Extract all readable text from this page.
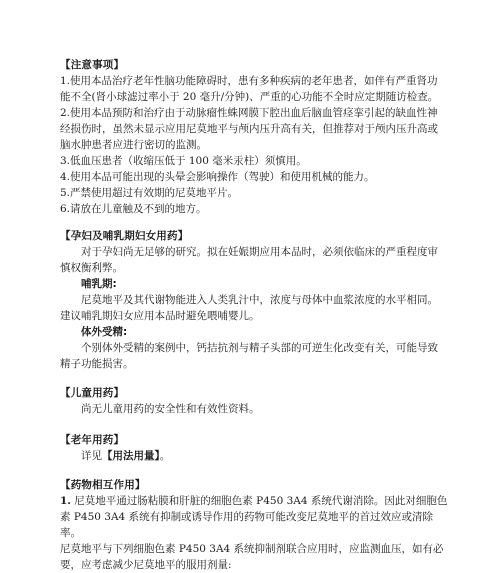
【注意事项】

1.使用本品治疗老年性脑功能障碍时，患有多种疾病的老年患者，如伴有严重肾功能不全(肾小球滤过率小于 20 毫升/分钟)、严重的心功能不全时应定期随访检查。

2.使用本品预防和治疗由于动脉瘤性蛛网膜下腔出血后脑血管痉挛引起的缺血性神经损伤时，虽然未显示应用尼莫地平与颅内压升高有关，但推荐对于颅内压升高或脑水肿患者应进行密切的监测。

3.低血压患者（收缩压低于 100 毫米汞柱）须慎用。

4.使用本品可能出现的头晕会影响操作（驾驶）和使用机械的能力。

5.严禁使用超过有效期的尼莫地平片。

6.请放在儿童触及不到的地方。

【孕妇及哺乳期妇女用药】

对于孕妇尚无足够的研究。拟在妊娠期应用本品时，必须依临床的严重程度审慎权衡利弊。

哺乳期:

尼莫地平及其代谢物能进入人类乳汁中，浓度与母体中血浆浓度的水平相同。建议哺乳期妇女应用本品时避免喂哺婴儿。

体外受精:

个别体外受精的案例中，钙拮抗剂与精子头部的可逆生化改变有关，可能导致精子功能损害。

【儿童用药】

尚无儿童用药的安全性和有效性资料。

【老年用药】

详见【用法用量】。

【药物相互作用】

1. 尼莫地平通过肠粘膜和肝脏的细胞色素 P450 3A4 系统代谢消除。因此对细胞色素 P450 3A4 系统有抑制或诱导作用的药物可能改变尼莫地平的首过效应或清除率。

尼莫地平与下列细胞色素 P450 3A4 系统抑制剂联合应用时，应监测血压，如有必要，应考虑减少尼莫地平的服用剂量:
